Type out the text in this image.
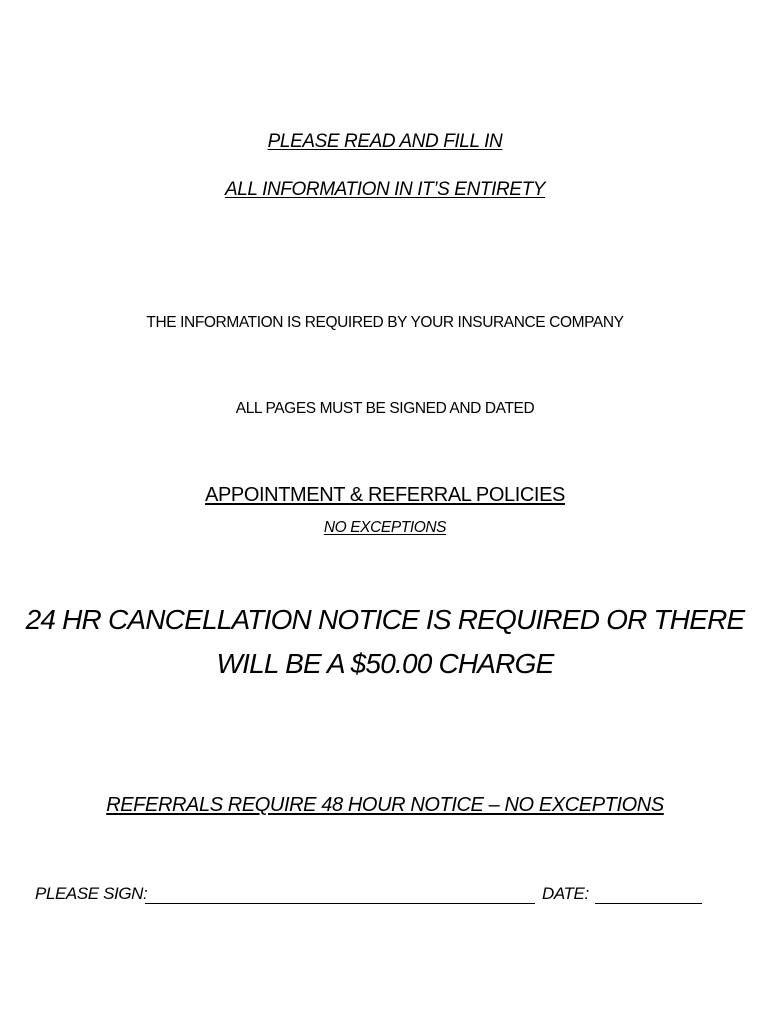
PLEASE READ AND FILL IN
ALL INFORMATION IN IT’S ENTIRETY
THE INFORMATION IS REQUIRED BY YOUR INSURANCE COMPANY
ALL PAGES MUST BE SIGNED AND DATED
APPOINTMENT & REFERRAL POLICIES
NO EXCEPTIONS
24 HR CANCELLATION NOTICE IS REQUIRED OR THERE
WILL BE A $50.00 CHARGE
REFERRALS REQUIRE 48 HOUR NOTICE – NO EXCEPTIONS
PLEASE SIGN:	DATE:
